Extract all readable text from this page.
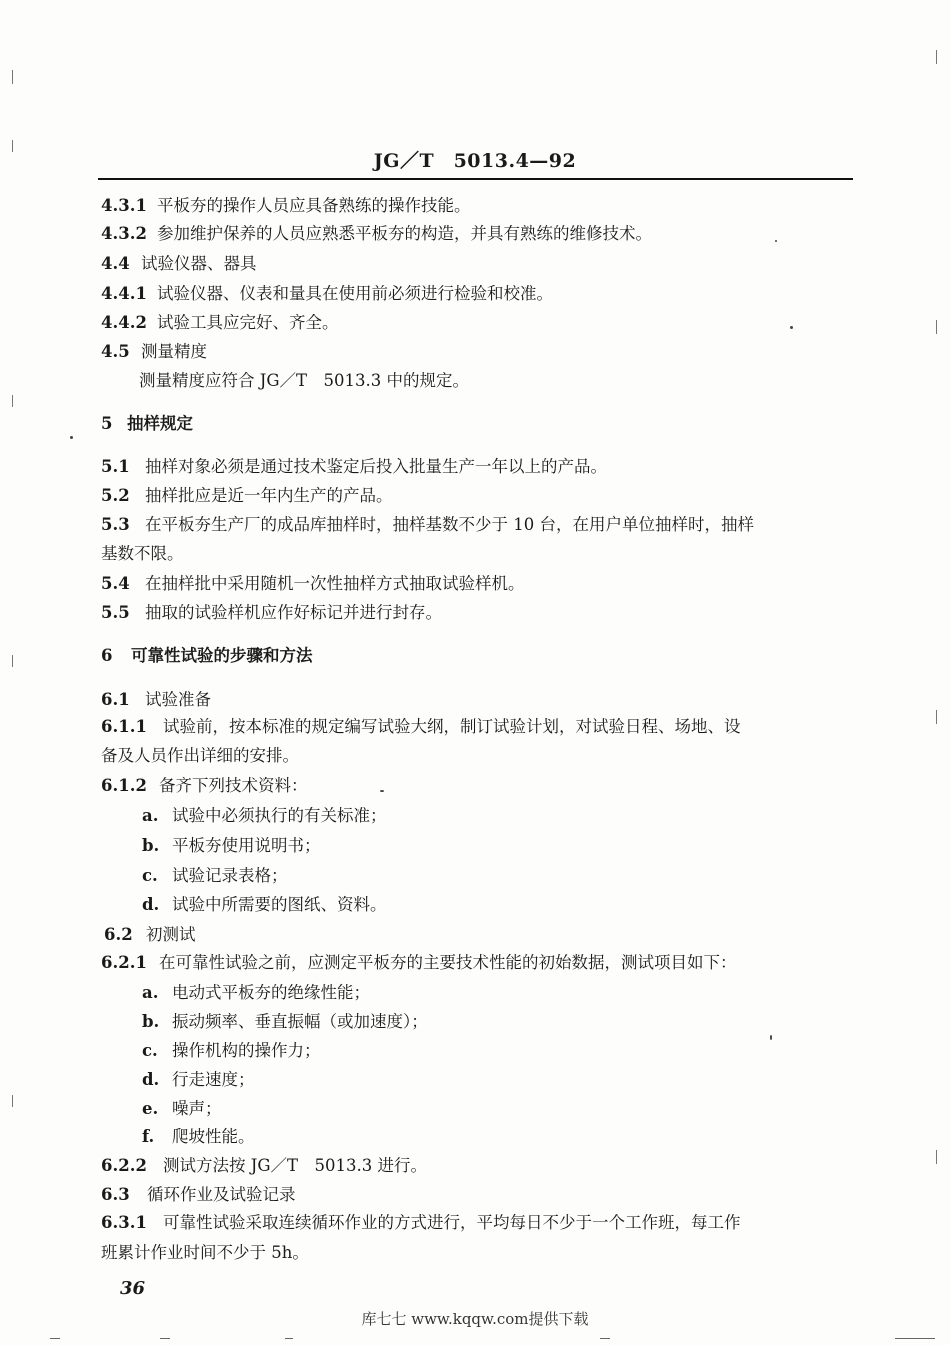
JG／T　5013.4—92
4.3.1 平板夯的操作人员应具备熟练的操作技能。
4.3.2 参加维护保养的人员应熟悉平板夯的构造，并具有熟练的维修技术。
4.4 试验仪器、器具
4.4.1 试验仪器、仪表和量具在使用前必须进行检验和校准。
4.4.2 试验工具应完好、齐全。
4.5 测量精度
测量精度应符合 JG／T　5013.3 中的规定。
5 抽样规定
5.1 抽样对象必须是通过技术鉴定后投入批量生产一年以上的产品。
5.2 抽样批应是近一年内生产的产品。
5.3 在平板夯生产厂的成品库抽样时，抽样基数不少于 10 台，在用户单位抽样时，抽样
基数不限。
5.4 在抽样批中采用随机一次性抽样方式抽取试验样机。
5.5 抽取的试验样机应作好标记并进行封存。
6 可靠性试验的步骤和方法
6.1 试验准备
6.1.1 试验前，按本标准的规定编写试验大纲，制订试验计划，对试验日程、场地、设
备及人员作出详细的安排。
6.1.2 备齐下列技术资料：
a. 试验中必须执行的有关标准；
b. 平板夯使用说明书；
c. 试验记录表格；
d. 试验中所需要的图纸、资料。
6.2 初测试
6.2.1 在可靠性试验之前，应测定平板夯的主要技术性能的初始数据，测试项目如下：
a. 电动式平板夯的绝缘性能；
b. 振动频率、垂直振幅（或加速度）；
c. 操作机构的操作力；
d. 行走速度；
e. 噪声；
f. 爬坡性能。
6.2.2 测试方法按 JG／T　5013.3 进行。
6.3 循环作业及试验记录
6.3.1 可靠性试验采取连续循环作业的方式进行，平均每日不少于一个工作班，每工作
班累计作业时间不少于 5h。
36
库七七 www.kqqw.com提供下载
